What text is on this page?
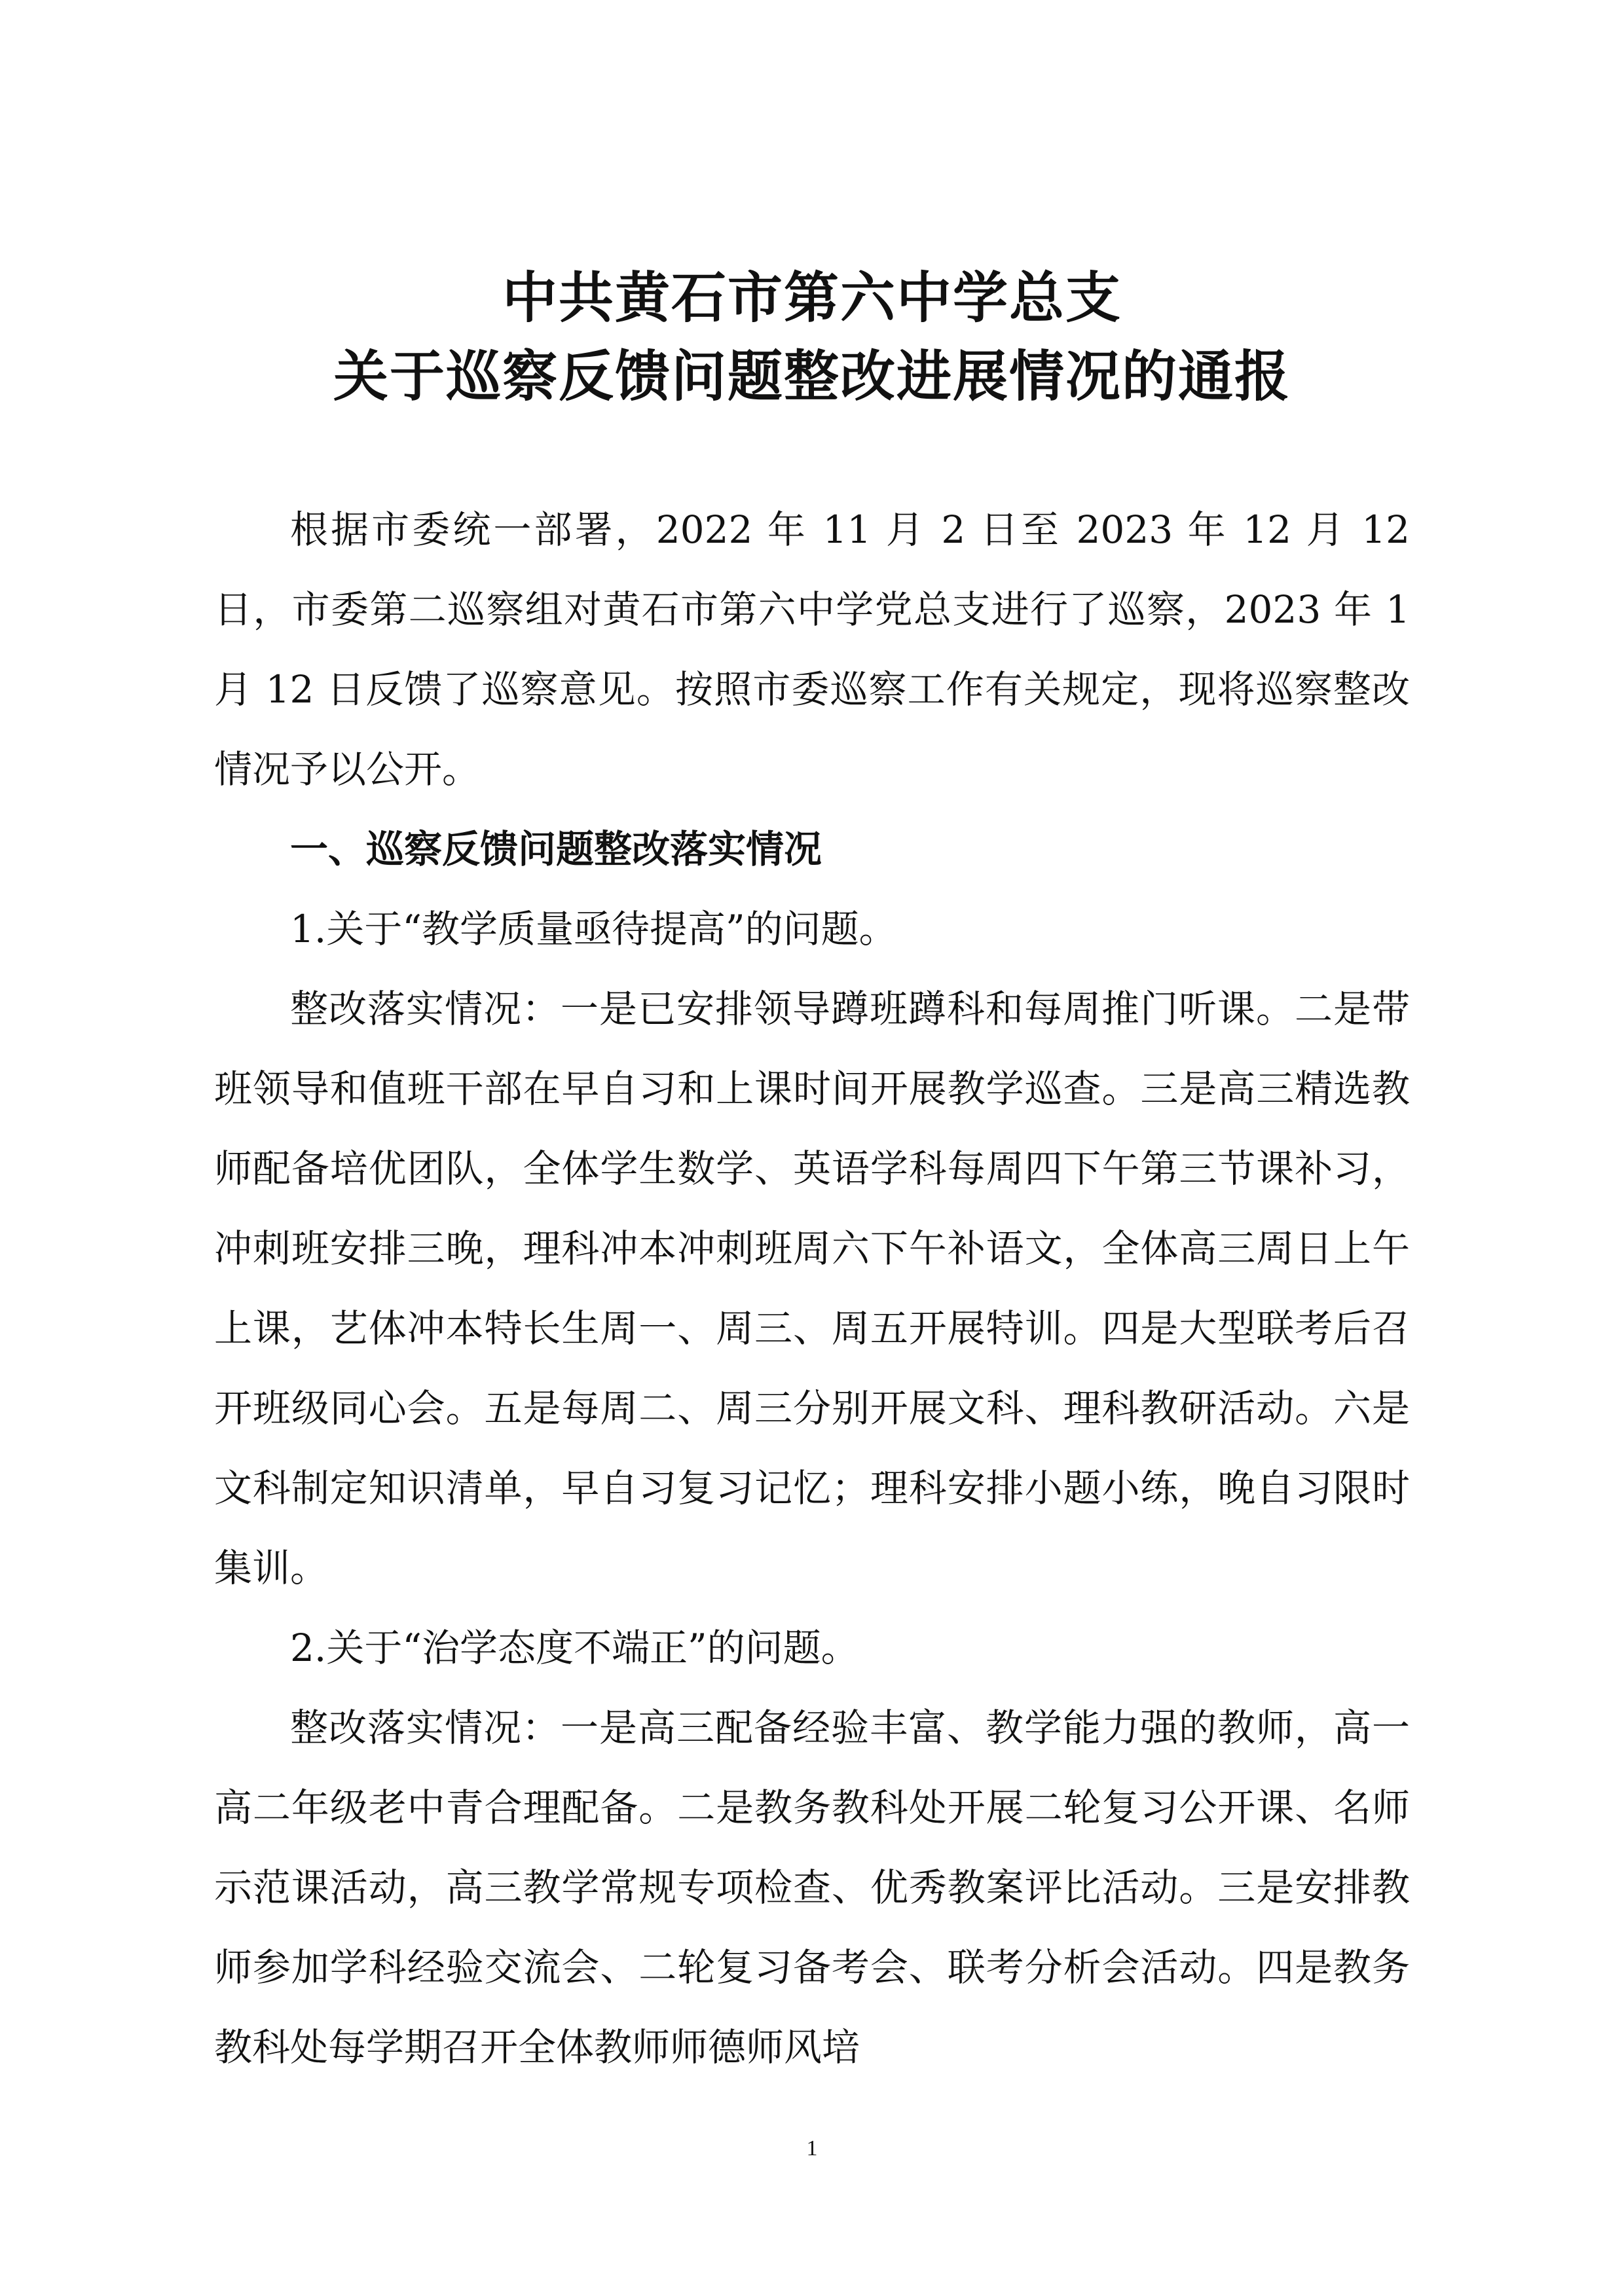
中共黄石市第六中学总支
关于巡察反馈问题整改进展情况的通报

根据市委统一部署，2022 年 11 月 2 日至 2023 年 12 月 12 日，市委第二巡察组对黄石市第六中学党总支进行了巡察，2023 年 1 月 12 日反馈了巡察意见。按照市委巡察工作有关规定，现将巡察整改情况予以公开。

一、巡察反馈问题整改落实情况

1.关于“教学质量亟待提高”的问题。

整改落实情况：一是已安排领导蹲班蹲科和每周推门听课。二是带班领导和值班干部在早自习和上课时间开展教学巡查。三是高三精选教师配备培优团队，全体学生数学、英语学科每周四下午第三节课补习，冲刺班安排三晚，理科冲本冲刺班周六下午补语文，全体高三周日上午上课，艺体冲本特长生周一、周三、周五开展特训。四是大型联考后召开班级同心会。五是每周二、周三分别开展文科、理科教研活动。六是文科制定知识清单，早自习复习记忆；理科安排小题小练，晚自习限时集训。

2.关于“治学态度不端正”的问题。

整改落实情况：一是高三配备经验丰富、教学能力强的教师，高一高二年级老中青合理配备。二是教务教科处开展二轮复习公开课、名师示范课活动，高三教学常规专项检查、优秀教案评比活动。三是安排教师参加学科经验交流会、二轮复习备考会、联考分析会活动。四是教务教科处每学期召开全体教师师德师风培

1
